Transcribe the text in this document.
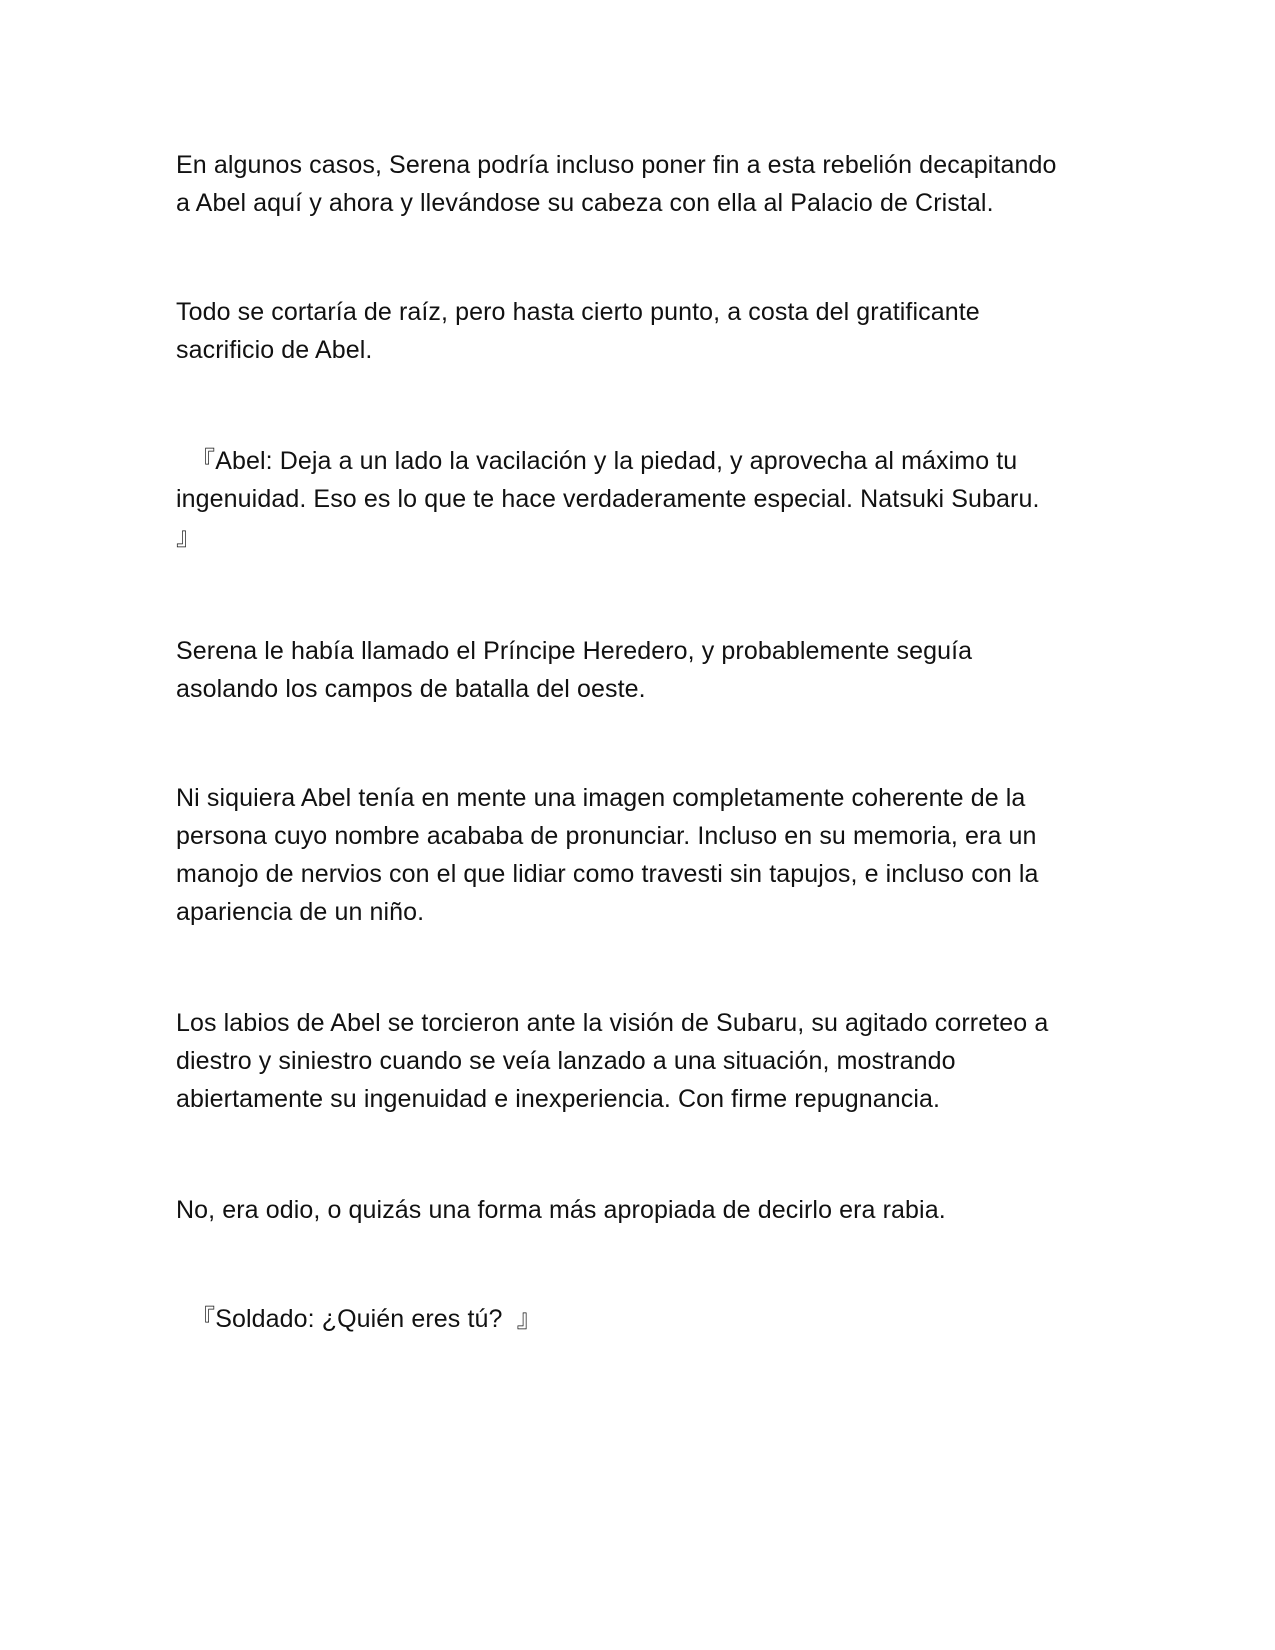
En algunos casos, Serena podría incluso poner fin a esta rebelión decapitando
a Abel aquí y ahora y llevándose su cabeza con ella al Palacio de Cristal.
Todo se cortaría de raíz, pero hasta cierto punto, a costa del gratificante
sacrificio de Abel.
『Abel: Deja a un lado la vacilación y la piedad, y aprovecha al máximo tu
ingenuidad. Eso es lo que te hace verdaderamente especial. Natsuki Subaru.
』
Serena le había llamado el Príncipe Heredero, y probablemente seguía
asolando los campos de batalla del oeste.
Ni siquiera Abel tenía en mente una imagen completamente coherente de la
persona cuyo nombre acababa de pronunciar. Incluso en su memoria, era un
manojo de nervios con el que lidiar como travesti sin tapujos, e incluso con la
apariencia de un niño.
Los labios de Abel se torcieron ante la visión de Subaru, su agitado correteo a
diestro y siniestro cuando se veía lanzado a una situación, mostrando
abiertamente su ingenuidad e inexperiencia. Con firme repugnancia.
No, era odio, o quizás una forma más apropiada de decirlo era rabia.
『Soldado: ¿Quién eres tú?  』
